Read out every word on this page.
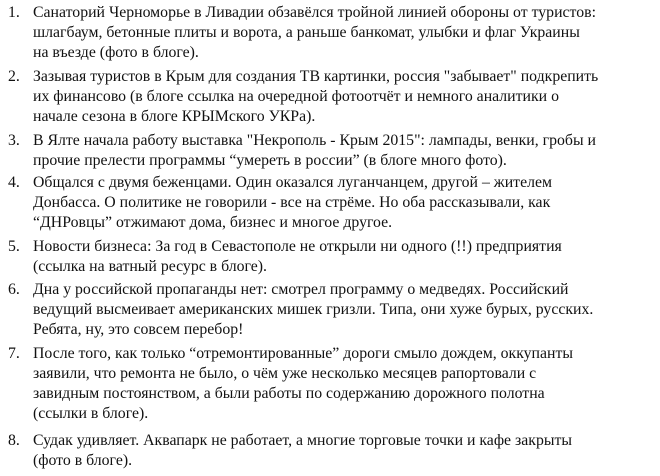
1. Санаторий Черноморье в Ливадии обзавёлся тройной линией обороны от туристов:
шлагбаум, бетонные плиты и ворота, а раньше банкомат, улыбки и флаг Украины
на въезде (фото в блоге).
2. Зазывая туристов в Крым для создания ТВ картинки, россия "забывает" подкрепить
их финансово (в блоге ссылка на очередной фотоотчёт и немного аналитики о
начале сезона в блоге КРЫМского УКРа).
3. В Ялте начала работу выставка "Некрополь - Крым 2015": лампады, венки, гробы и
прочие прелести программы “умереть в россии” (в блоге много фото).
4. Общался с двумя беженцами. Один оказался луганчанцем, другой – жителем
Донбасса. О политике не говорили - все на стрёме. Но оба рассказывали, как
“ДНРовцы” отжимают дома, бизнес и многое другое.
5. Новости бизнеса: За год в Севастополе не открыли ни одного (!!) предприятия
(ссылка на ватный ресурс в блоге).
6. Дна у российской пропаганды нет: смотрел программу о медведях. Российский
ведущий высмеивает американских мишек гризли. Типа, они хуже бурых, русских.
Ребята, ну, это совсем перебор!
7. После того, как только “отремонтированные” дороги смыло дождем, оккупанты
заявили, что ремонта не было, о чём уже несколько месяцев рапортовали с
завидным постоянством, а были работы по содержанию дорожного полотна
(ссылки в блоге).
8. Судак удивляет. Аквапарк не работает, а многие торговые точки и кафе закрыты
(фото в блоге).
